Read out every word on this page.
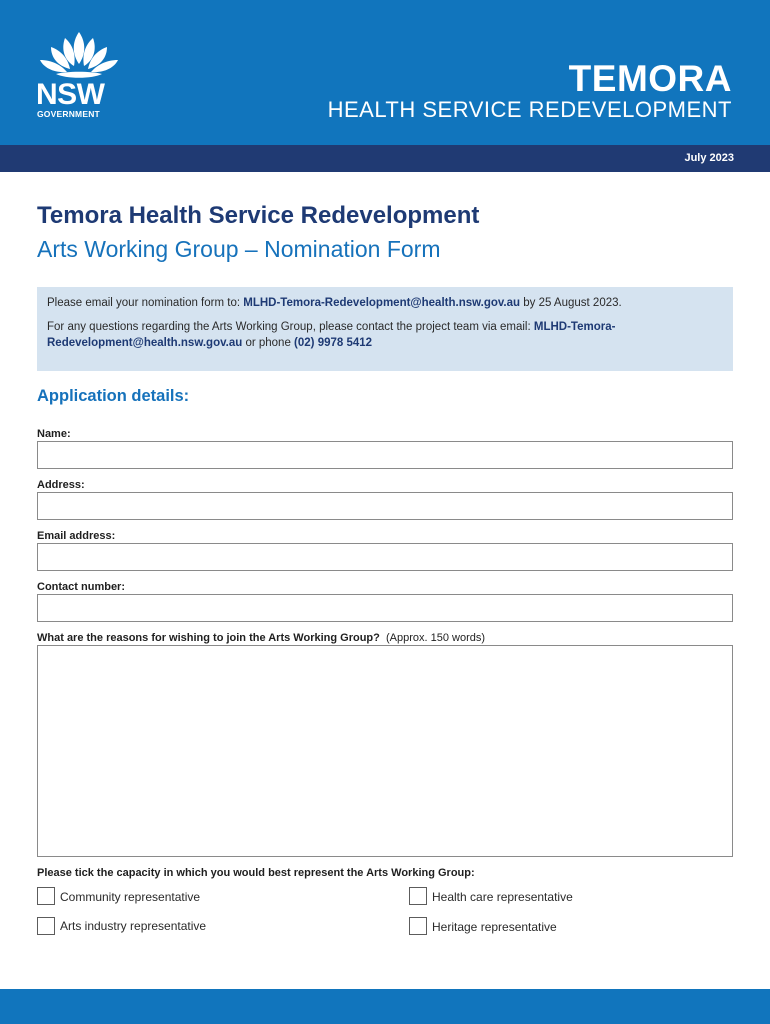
NSW
GOVERNMENT
TEMORA
HEALTH SERVICE REDEVELOPMENT
July 2023
Temora Health Service Redevelopment
Arts Working Group – Nomination Form

Please email your nomination form to: MLHD-Temora-Redevelopment@health.nsw.gov.au by 25 August 2023.

For any questions regarding the Arts Working Group, please contact the project team via email: MLHD-Temora-Redevelopment@health.nsw.gov.au or phone (02) 9978 5412

Application details:
Name:
Address:
Email address:
Contact number:
What are the reasons for wishing to join the Arts Working Group? (Approx. 150 words)
Please tick the capacity in which you would best represent the Arts Working Group:
Community representative	Health care representative
Arts industry representative	Heritage representative
